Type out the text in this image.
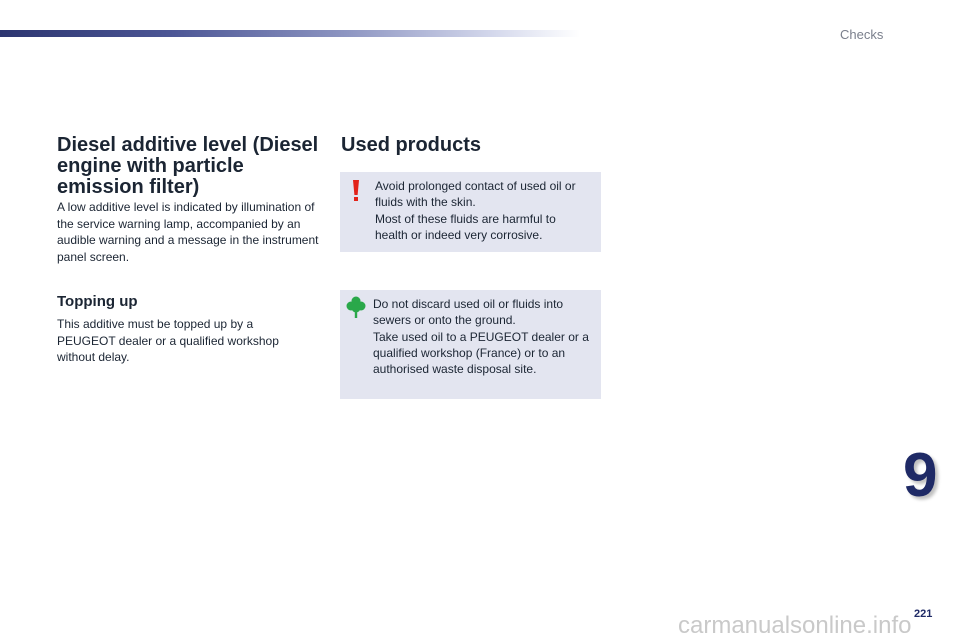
Checks
Diesel additive level (Diesel engine with particle emission filter)

A low additive level is indicated by illumination of the service warning lamp, accompanied by an audible warning and a message in the instrument panel screen.

Topping up

This additive must be topped up by a PEUGEOT dealer or a qualified workshop without delay.

Used products

Avoid prolonged contact of used oil or fluids with the skin.

Most of these fluids are harmful to health or indeed very corrosive.

Do not discard used oil or fluids into sewers or onto the ground.

Take used oil to a PEUGEOT dealer or a qualified workshop (France) or to an authorised waste disposal site.

9
221
carmanualsonline.info
